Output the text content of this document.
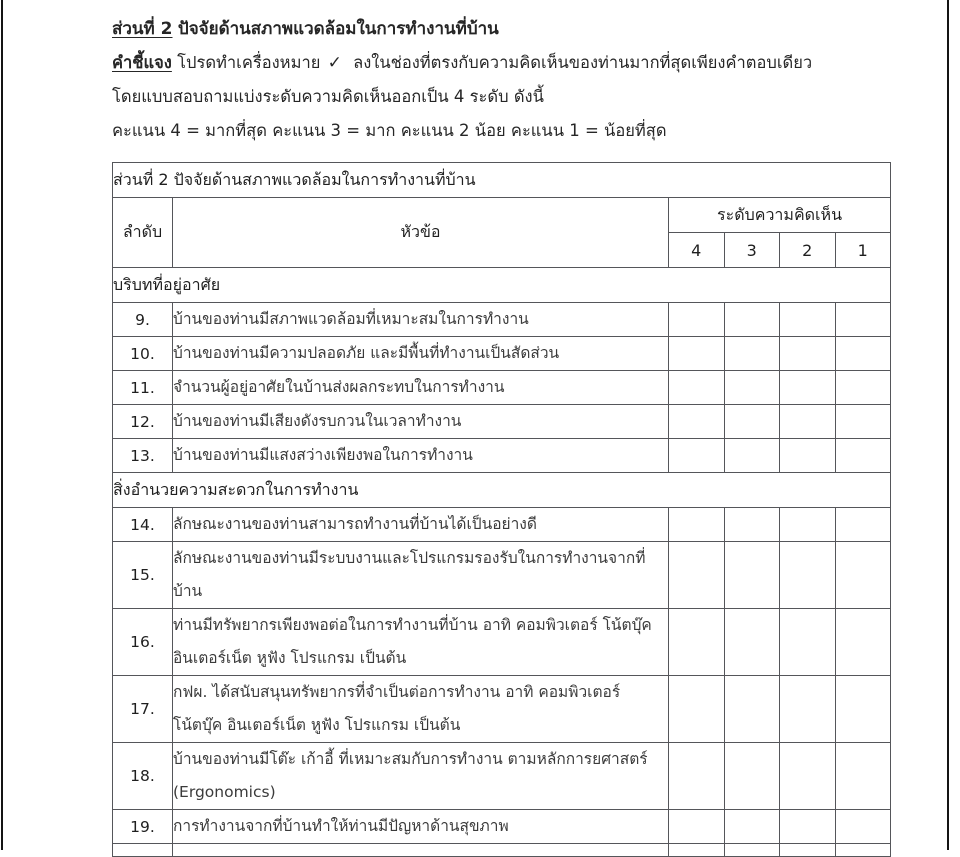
ส่วนที่ 2 ปัจจัยด้านสภาพแวดล้อมในการทำงานที่บ้าน
คำชี้แจง โปรดทำเครื่องหมาย ✓ ลงในช่องที่ตรงกับความคิดเห็นของท่านมากที่สุดเพียงคำตอบเดียว
โดยแบบสอบถามแบ่งระดับความคิดเห็นออกเป็น 4 ระดับ ดังนี้
คะแนน 4 = มากที่สุด คะแนน 3 = มาก คะแนน 2 น้อย คะแนน 1 = น้อยที่สุด
ส่วนที่ 2 ปัจจัยด้านสภาพแวดล้อมในการทำงานที่บ้าน					
ลำดับ	หัวข้อ	ระดับความคิดเห็น			
		4	3	2	1
บริบทที่อยู่อาศัย					
9.	บ้านของท่านมีสภาพแวดล้อมที่เหมาะสมในการทำงาน				
10.	บ้านของท่านมีความปลอดภัย และมีพื้นที่ทำงานเป็นสัดส่วน				
11.	จำนวนผู้อยู่อาศัยในบ้านส่งผลกระทบในการทำงาน				
12.	บ้านของท่านมีเสียงดังรบกวนในเวลาทำงาน				
13.	บ้านของท่านมีแสงสว่างเพียงพอในการทำงาน				
สิ่งอำนวยความสะดวกในการทำงาน					
14.	ลักษณะงานของท่านสามารถทำงานที่บ้านได้เป็นอย่างดี				
15.	ลักษณะงานของท่านมีระบบงานและโปรแกรมรองรับในการทำงานจากที่บ้าน				
16.	ท่านมีทรัพยากรเพียงพอต่อในการทำงานที่บ้าน อาทิ คอมพิวเตอร์ โน้ตบุ๊ค อินเตอร์เน็ต หูฟัง โปรแกรม เป็นต้น				
17.	กฟผ. ได้สนับสนุนทรัพยากรที่จำเป็นต่อการทำงาน อาทิ คอมพิวเตอร์ โน้ตบุ๊ค อินเตอร์เน็ต หูฟัง โปรแกรม เป็นต้น				
18.	บ้านของท่านมีโต๊ะ เก้าอี้ ที่เหมาะสมกับการทำงาน ตามหลักการยศาสตร์ (Ergonomics)				
19.	การทำงานจากที่บ้านทำให้ท่านมีปัญหาด้านสุขภาพ				
